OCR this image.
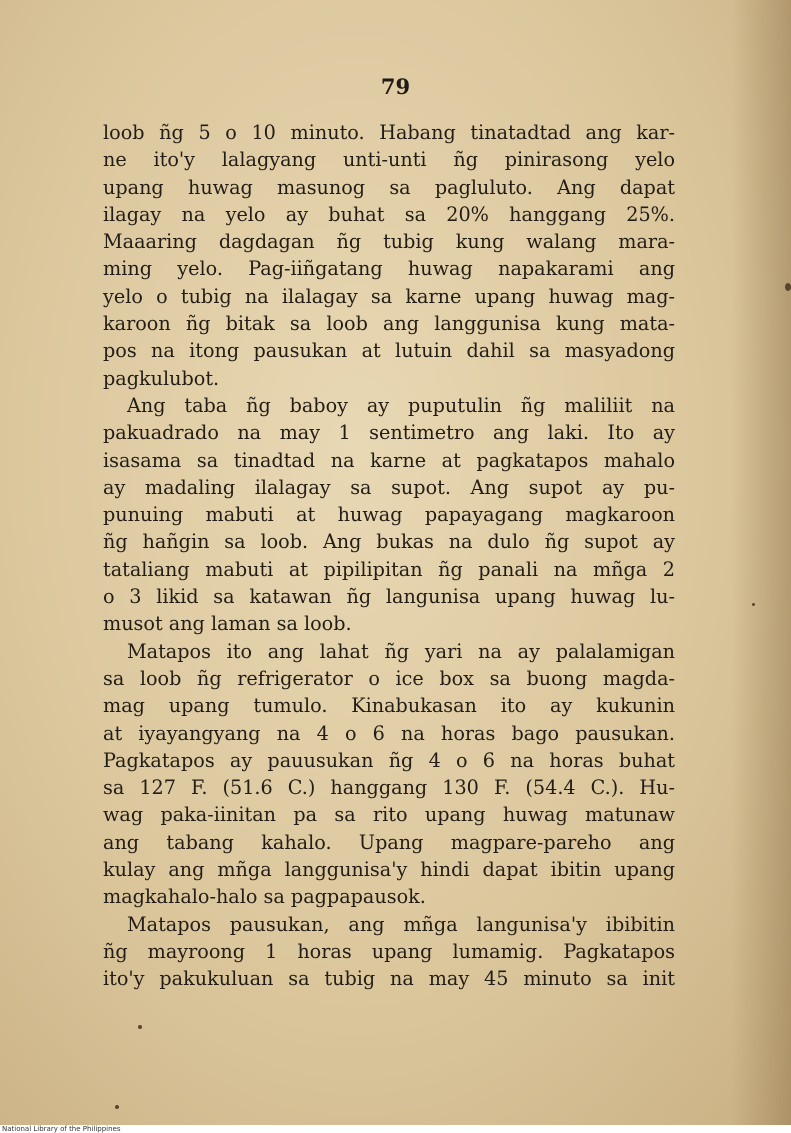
79
loob ñg 5 o 10 minuto. Habang tinatadtad ang kar-
ne ito'y lalagyang unti-unti ñg pinirasong yelo
upang huwag masunog sa pagluluto. Ang dapat
ilagay na yelo ay buhat sa 20% hanggang 25%.
Maaaring dagdagan ñg tubig kung walang mara-
ming yelo. Pag-iiñgatang huwag napakarami ang
yelo o tubig na ilalagay sa karne upang huwag mag-
karoon ñg bitak sa loob ang langgunisa kung mata-
pos na itong pausukan at lutuin dahil sa masyadong
pagkulubot.
Ang taba ñg baboy ay puputulin ñg maliliit na
pakuadrado na may 1 sentimetro ang laki. Ito ay
isasama sa tinadtad na karne at pagkatapos mahalo
ay madaling ilalagay sa supot. Ang supot ay pu-
punuing mabuti at huwag papayagang magkaroon
ñg hañgin sa loob. Ang bukas na dulo ñg supot ay
tataliang mabuti at pipilipitan ñg panali na mñga 2
o 3 likid sa katawan ñg langunisa upang huwag lu-
musot ang laman sa loob.
Matapos ito ang lahat ñg yari na ay palalamigan
sa loob ñg refrigerator o ice box sa buong magda-
mag upang tumulo. Kinabukasan ito ay kukunin
at iyayangyang na 4 o 6 na horas bago pausukan.
Pagkatapos ay pauusukan ñg 4 o 6 na horas buhat
sa 127 F. (51.6 C.) hanggang 130 F. (54.4 C.). Hu-
wag paka-iinitan pa sa rito upang huwag matunaw
ang tabang kahalo. Upang magpare-pareho ang
kulay ang mñga langgunisa'y hindi dapat ibitin upang
magkahalo-halo sa pagpapausok.
Matapos pausukan, ang mñga langunisa'y ibibitin
ñg mayroong 1 horas upang lumamig. Pagkatapos
ito'y pakukuluan sa tubig na may 45 minuto sa init
National Library of the Philippines
